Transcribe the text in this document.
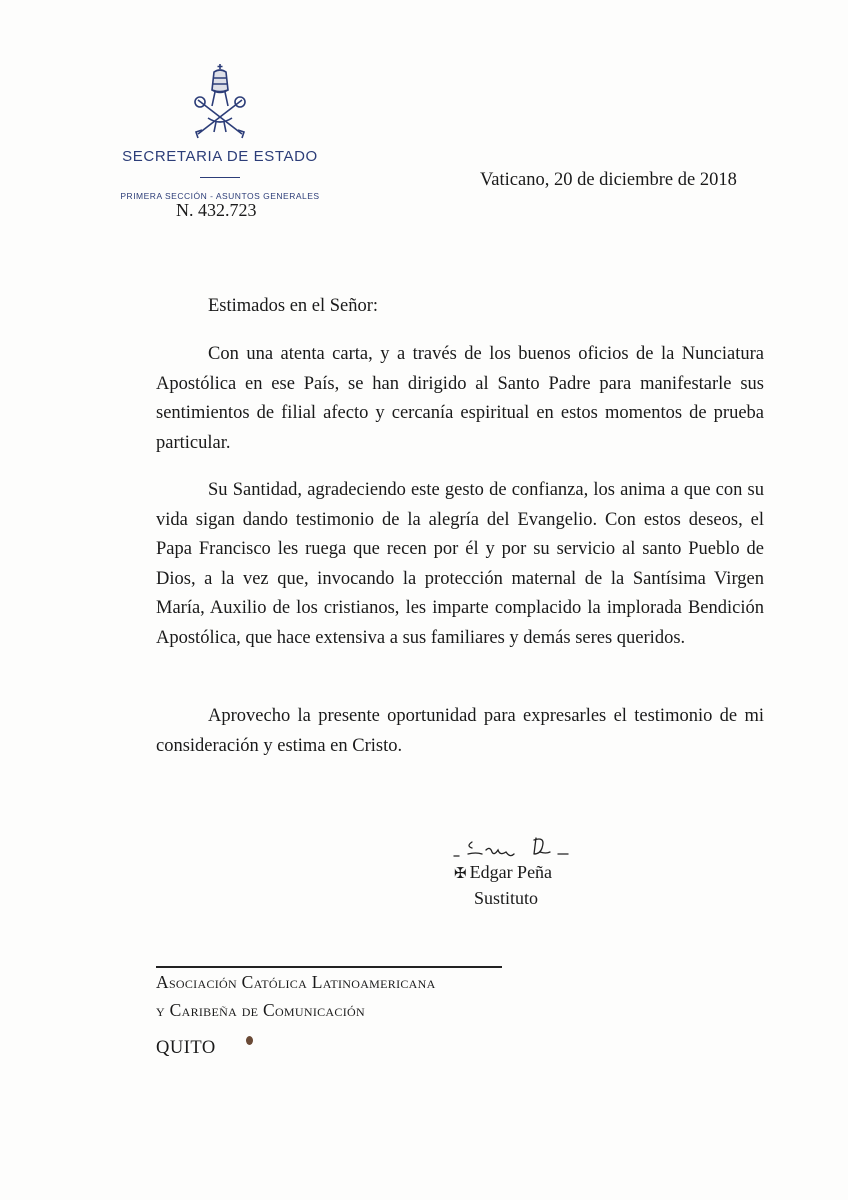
SECRETARIA DE ESTADO
PRIMERA SECCIÓN - ASUNTOS GENERALES
N. 432.723
Vaticano, 20 de diciembre de 2018
Estimados en el Señor:

Con una atenta carta, y a través de los buenos oficios de la Nunciatura Apostólica en ese País, se han dirigido al Santo Padre para manifestarle sus sentimientos de filial afecto y cercanía espiritual en estos momentos de prueba particular.

Su Santidad, agradeciendo este gesto de confianza, los anima a que con su vida sigan dando testimonio de la alegría del Evangelio. Con estos deseos, el Papa Francisco les ruega que recen por él y por su servicio al santo Pueblo de Dios, a la vez que, invocando la protección maternal de la Santísima Virgen María, Auxilio de los cristianos, les imparte complacido la implorada Bendición Apostólica, que hace extensiva a sus familiares y demás seres queridos.

Aprovecho la presente oportunidad para expresarles el testimonio de mi consideración y estima en Cristo.

✠ Edgar Peña
Sustituto
Asociación Católica Latinoamericana
y Caribeña de Comunicación
QUITO
